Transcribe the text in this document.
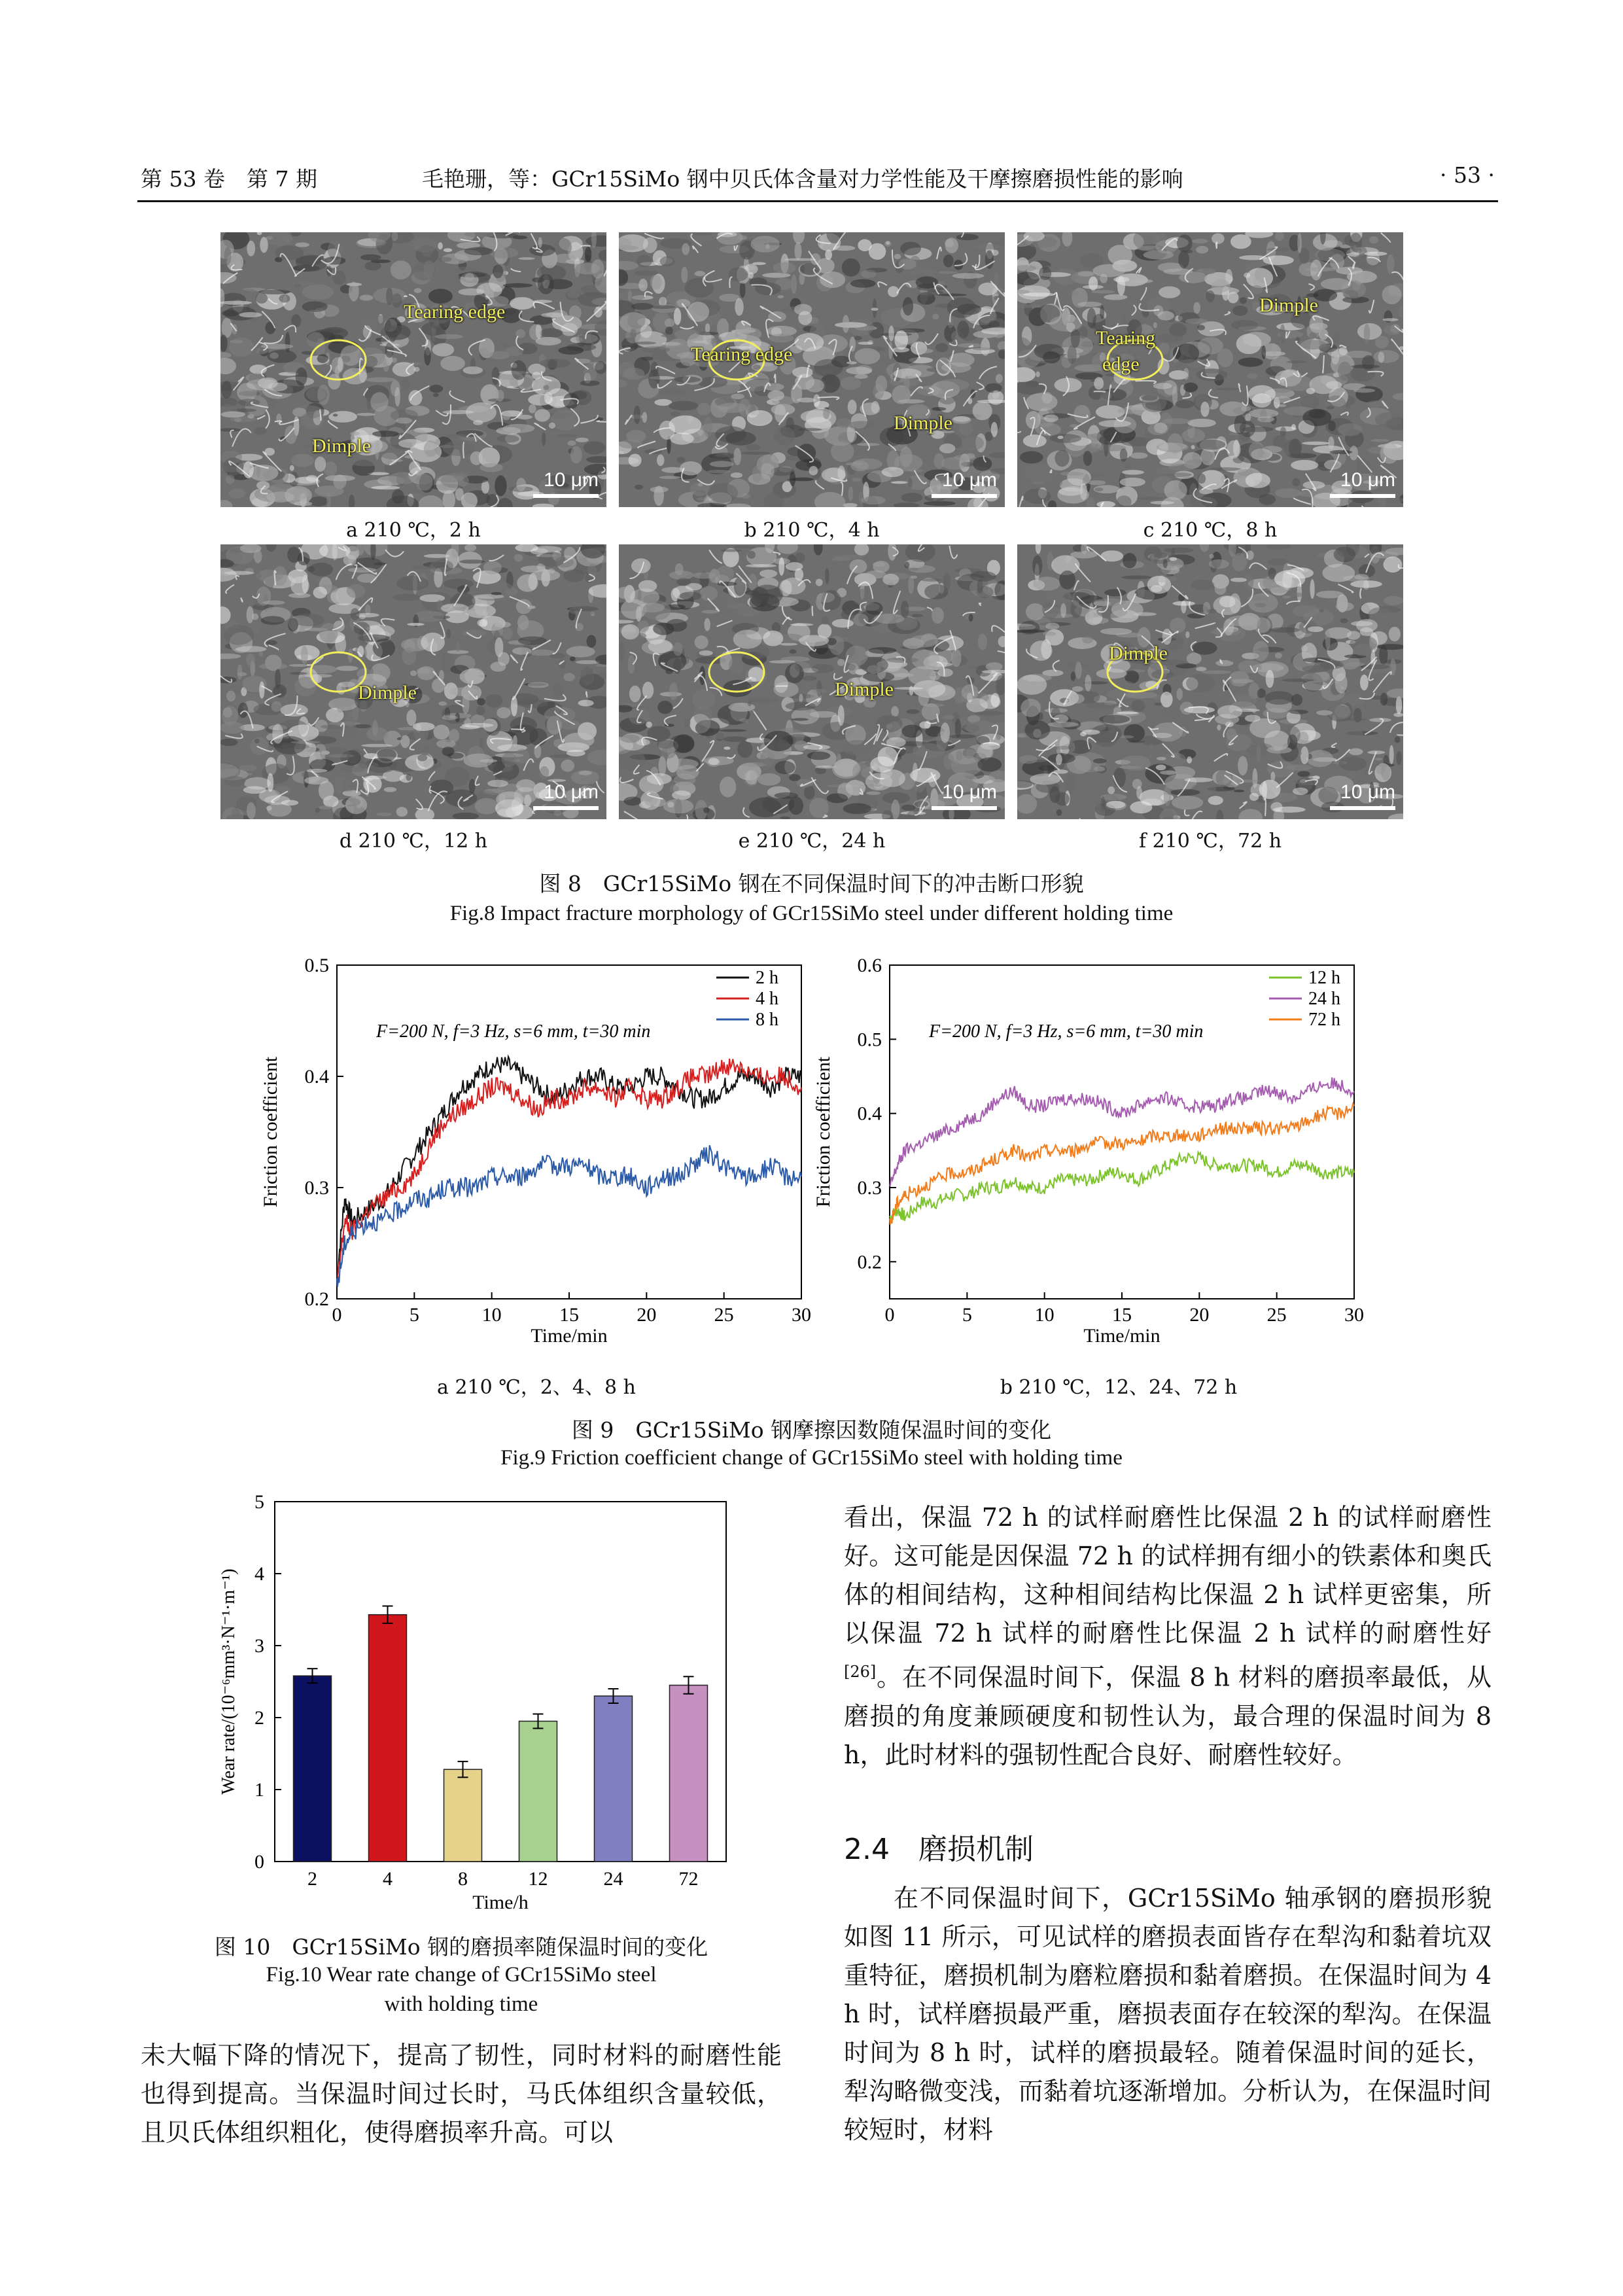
第 53 卷　第 7 期	毛艳珊，等：GCr15SiMo 钢中贝氏体含量对力学性能及干摩擦磨损性能的影响	· 53 ·
Tearing edge
Dimple
10 μm
a 210 ℃，2 h
Tearing edge
Dimple
10 μm
b 210 ℃，4 h
Dimple
Tearing
edge
10 μm
c 210 ℃，8 h
Dimple
10 μm
d 210 ℃，12 h
Dimple
10 μm
e 210 ℃，24 h
Dimple
10 μm
f 210 ℃，72 h
图 8　GCr15SiMo 钢在不同保温时间下的冲击断口形貌
Fig.8 Impact fracture morphology of GCr15SiMo steel under different holding time
0	5	10	15	20	25	30
0.2
0.3
0.4
0.5
Time/min
Friction coefficient
2 h
4 h
8 h
F=200 N, f=3 Hz, s=6 mm, t=30 min
0	5	10	15	20	25	30
0.2
0.3
0.4
0.5
0.6
Time/min
Friction coefficient
12 h
24 h
72 h
F=200 N, f=3 Hz, s=6 mm, t=30 min
a 210 ℃，2、4、8 h	b 210 ℃，12、24、72 h
图 9　GCr15SiMo 钢摩擦因数随保温时间的变化
Fig.9 Friction coefficient change of GCr15SiMo steel with holding time
0
1
2
3
4
5
2	4	8	12	24	72
Time/h
Wear rate/(10⁻⁶mm³·N⁻¹·m⁻¹)
图 10　GCr15SiMo 钢的磨损率随保温时间的变化
Fig.10 Wear rate change of GCr15SiMo steel
with holding time

未大幅下降的情况下，提高了韧性，同时材料的耐磨性能也得到提高。当保温时间过长时，马氏体组织含量较低，且贝氏体组织粗化，使得磨损率升高。可以

看出，保温 72 h 的试样耐磨性比保温 2 h 的试样耐磨性好。这可能是因保温 72 h 的试样拥有细小的铁素体和奥氏体的相间结构，这种相间结构比保温 2 h 试样更密集，所以保温 72 h 试样的耐磨性比保温 2 h 试样的耐磨性好[26]。在不同保温时间下，保温 8 h 材料的磨损率最低，从磨损的角度兼顾硬度和韧性认为，最合理的保温时间为 8 h，此时材料的强韧性配合良好、耐磨性较好。

2.4　磨损机制

在不同保温时间下，GCr15SiMo 轴承钢的磨损形貌如图 11 所示，可见试样的磨损表面皆存在犁沟和黏着坑双重特征，磨损机制为磨粒磨损和黏着磨损。在保温时间为 4 h 时，试样磨损最严重，磨损表面存在较深的犁沟。在保温时间为 8 h 时，试样的磨损最轻。随着保温时间的延长，犁沟略微变浅，而黏着坑逐渐增加。分析认为，在保温时间较短时，材料
